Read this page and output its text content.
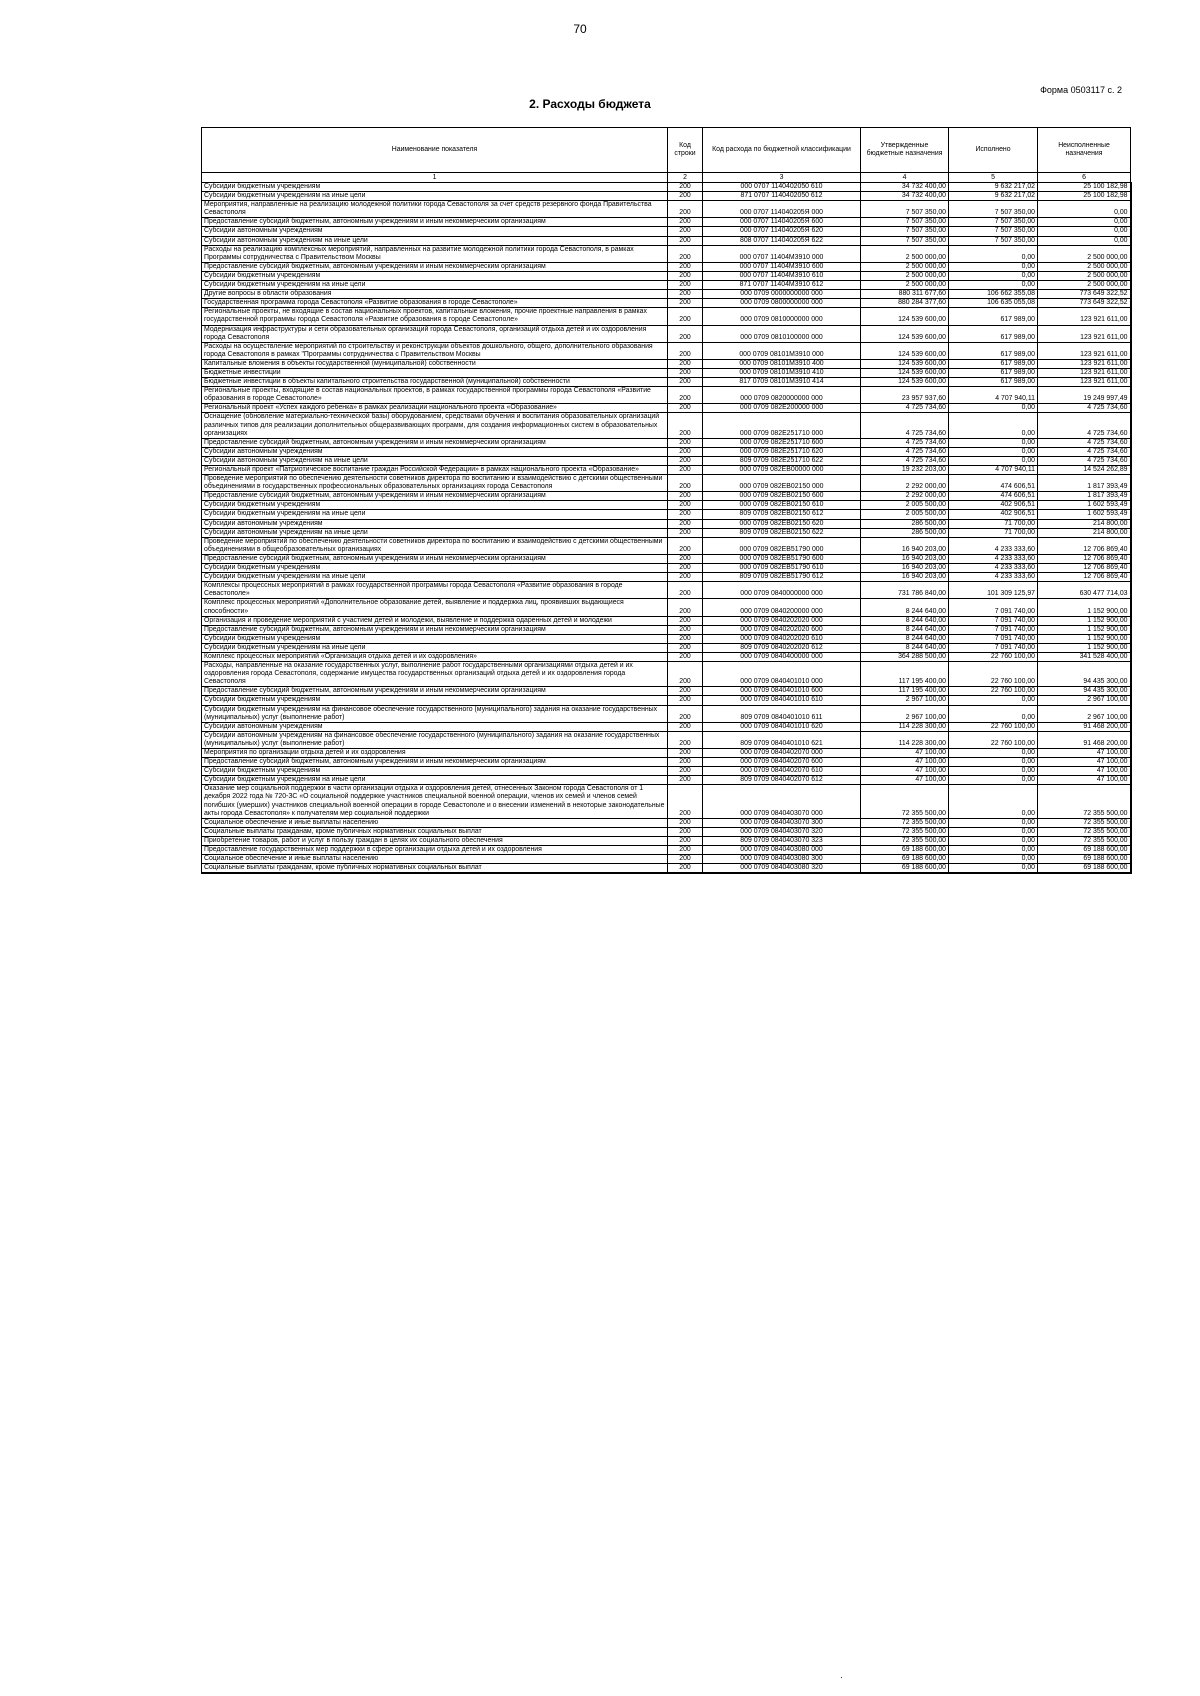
70
Форма 0503117 с. 2
2. Расходы бюджета
Наименование показателя	Код строки	Код расхода по бюджетной классификации	Утвержденные бюджетные назначения	Исполнено	Неисполненные назначения
1	2	3	4	5	6
Субсидии бюджетным учреждениям	200	000 0707 1140402050 610	34 732 400,00	9 632 217,02	25 100 182,98
Субсидии бюджетным учреждениям на иные цели	200	871 0707 1140402050 612	34 732 400,00	9 632 217,02	25 100 182,98
Мероприятия, направленные на реализацию молодежной политики города Севастополя за счет средств резервного фонда Правительства Севастополя	200	000 0707 114040205Я 000	7 507 350,00	7 507 350,00	0,00
Предоставление субсидий бюджетным, автономным учреждениям и иным некоммерческим организациям	200	000 0707 114040205Я 600	7 507 350,00	7 507 350,00	0,00
Субсидии автономным учреждениям	200	000 0707 114040205Я 620	7 507 350,00	7 507 350,00	0,00
Субсидии автономным учреждениям на иные цели	200	808 0707 114040205Я 622	7 507 350,00	7 507 350,00	0,00
Расходы на реализацию комплексных мероприятий, направленных на развитие молодежной политики города Севастополя, в рамках Программы сотрудничества с Правительством Москвы	200	000 0707 11404М3910 000	2 500 000,00	0,00	2 500 000,00
Предоставление субсидий бюджетным, автономным учреждениям и иным некоммерческим организациям	200	000 0707 11404М3910 600	2 500 000,00	0,00	2 500 000,00
Субсидии бюджетным учреждениям	200	000 0707 11404М3910 610	2 500 000,00	0,00	2 500 000,00
Субсидии бюджетным учреждениям на иные цели	200	871 0707 11404М3910 612	2 500 000,00	0,00	2 500 000,00
Другие вопросы в области образования	200	000 0709 0000000000 000	880 311 677,60	106 662 355,08	773 649 322,52
Государственная программа города Севастополя «Развитие образования в городе Севастополе»	200	000 0709 0800000000 000	880 284 377,60	106 635 055,08	773 649 322,52
Региональные проекты, не входящие в состав национальных проектов, капитальные вложения, прочие проектные направления в рамках государственной программы города Севастополя «Развитие образования в городе Севастополе»	200	000 0709 0810000000 000	124 539 600,00	617 989,00	123 921 611,00
Модернизация инфраструктуры и сети образовательных организаций города Севастополя, организаций отдыха детей и их оздоровления города Севастополя	200	000 0709 0810100000 000	124 539 600,00	617 989,00	123 921 611,00
Расходы на осуществление мероприятий по строительству и реконструкции объектов дошкольного, общего, дополнительного образования города Севастополя в рамках "Программы сотрудничества с Правительством Москвы	200	000 0709 08101М3910 000	124 539 600,00	617 989,00	123 921 611,00
Капитальные вложения в объекты государственной (муниципальной) собственности	200	000 0709 08101М3910 400	124 539 600,00	617 989,00	123 921 611,00
Бюджетные инвестиции	200	000 0709 08101М3910 410	124 539 600,00	617 989,00	123 921 611,00
Бюджетные инвестиции в объекты капитального строительства государственной (муниципальной) собственности	200	817 0709 08101М3910 414	124 539 600,00	617 989,00	123 921 611,00
Региональные проекты, входящие в состав национальных проектов, в рамках государственной программы города Севастополя «Развитие образования в городе Севастополе»	200	000 0709 0820000000 000	23 957 937,60	4 707 940,11	19 249 997,49
Региональный проект «Успех каждого ребенка» в рамках реализации национального проекта «Образование»	200	000 0709 082E200000 000	4 725 734,60	0,00	4 725 734,60
Оснащение (обновление материально-технической базы) оборудованием, средствами обучения и воспитания образовательных организаций различных типов для реализации дополнительных общеразвивающих программ, для создания информационных систем в образовательных организациях	200	000 0709 082E251710 000	4 725 734,60	0,00	4 725 734,60
Предоставление субсидий бюджетным, автономным учреждениям и иным некоммерческим организациям	200	000 0709 082E251710 600	4 725 734,60	0,00	4 725 734,60
Субсидии автономным учреждениям	200	000 0709 082E251710 620	4 725 734,60	0,00	4 725 734,60
Субсидии автономным учреждениям на иные цели	200	809 0709 082E251710 622	4 725 734,60	0,00	4 725 734,60
Региональный проект «Патриотическое воспитание граждан Российской Федерации» в рамках национального проекта «Образование»	200	000 0709 082EB00000 000	19 232 203,00	4 707 940,11	14 524 262,89
Проведение мероприятий по обеспечению деятельности советников директора по воспитанию и взаимодействию с детскими общественными объединениями в государственных профессиональных образовательных организациях города Севастополя	200	000 0709 082EB02150 000	2 292 000,00	474 606,51	1 817 393,49
Предоставление субсидий бюджетным, автономным учреждениям и иным некоммерческим организациям	200	000 0709 082EB02150 600	2 292 000,00	474 606,51	1 817 393,49
Субсидии бюджетным учреждениям	200	000 0709 082EB02150 610	2 005 500,00	402 906,51	1 602 593,49
Субсидии бюджетным учреждениям на иные цели	200	809 0709 082EB02150 612	2 005 500,00	402 906,51	1 602 593,49
Субсидии автономным учреждениям	200	000 0709 082EB02150 620	286 500,00	71 700,00	214 800,00
Субсидии автономным учреждениям на иные цели	200	809 0709 082EB02150 622	286 500,00	71 700,00	214 800,00
Проведение мероприятий по обеспечению деятельности советников директора по воспитанию и взаимодействию с детскими общественными объединениями в общеобразовательных организациях	200	000 0709 082EB51790 000	16 940 203,00	4 233 333,60	12 706 869,40
Предоставление субсидий бюджетным, автономным учреждениям и иным некоммерческим организациям	200	000 0709 082EB51790 600	16 940 203,00	4 233 333,60	12 706 869,40
Субсидии бюджетным учреждениям	200	000 0709 082EB51790 610	16 940 203,00	4 233 333,60	12 706 869,40
Субсидии бюджетным учреждениям на иные цели	200	809 0709 082EB51790 612	16 940 203,00	4 233 333,60	12 706 869,40
Комплексы процессных мероприятий в рамках государственной программы города Севастополя «Развитие образования в городе Севастополе»	200	000 0709 0840000000 000	731 786 840,00	101 309 125,97	630 477 714,03
Комплекс процессных мероприятий «Дополнительное образование детей, выявление и поддержка лиц, проявивших выдающиеся способности»	200	000 0709 0840200000 000	8 244 640,00	7 091 740,00	1 152 900,00
Организация и проведение мероприятий с участием детей и молодежи, выявление и поддержка одаренных детей и молодежи	200	000 0709 0840202020 000	8 244 640,00	7 091 740,00	1 152 900,00
Предоставление субсидий бюджетным, автономным учреждениям и иным некоммерческим организациям	200	000 0709 0840202020 600	8 244 640,00	7 091 740,00	1 152 900,00
Субсидии бюджетным учреждениям	200	000 0709 0840202020 610	8 244 640,00	7 091 740,00	1 152 900,00
Субсидии бюджетным учреждениям на иные цели	200	809 0709 0840202020 612	8 244 640,00	7 091 740,00	1 152 900,00
Комплекс процессных мероприятий «Организация отдыха детей и их оздоровления»	200	000 0709 0840400000 000	364 288 500,00	22 760 100,00	341 528 400,00
Расходы, направленные на оказание государственных услуг, выполнение работ государственными организациями отдыха детей и их оздоровления города Севастополя, содержание имущества государственных организаций отдыха детей и их оздоровления города Севастополя	200	000 0709 0840401010 000	117 195 400,00	22 760 100,00	94 435 300,00
Предоставление субсидий бюджетным, автономным учреждениям и иным некоммерческим организациям	200	000 0709 0840401010 600	117 195 400,00	22 760 100,00	94 435 300,00
Субсидии бюджетным учреждениям	200	000 0709 0840401010 610	2 967 100,00	0,00	2 967 100,00
Субсидии бюджетным учреждениям на финансовое обеспечение государственного (муниципального) задания на оказание государственных (муниципальных) услуг (выполнение работ)	200	809 0709 0840401010 611	2 967 100,00	0,00	2 967 100,00
Субсидии автономным учреждениям	200	000 0709 0840401010 620	114 228 300,00	22 760 100,00	91 468 200,00
Субсидии автономным учреждениям на финансовое обеспечение государственного (муниципального) задания на оказание государственных (муниципальных) услуг (выполнение работ)	200	809 0709 0840401010 621	114 228 300,00	22 760 100,00	91 468 200,00
Мероприятия по организации отдыха детей и их оздоровления	200	000 0709 0840402070 000	47 100,00	0,00	47 100,00
Предоставление субсидий бюджетным, автономным учреждениям и иным некоммерческим организациям	200	000 0709 0840402070 600	47 100,00	0,00	47 100,00
Субсидии бюджетным учреждениям	200	000 0709 0840402070 610	47 100,00	0,00	47 100,00
Субсидии бюджетным учреждениям на иные цели	200	809 0709 0840402070 612	47 100,00	0,00	47 100,00
Оказание мер социальной поддержки в части организации отдыха и оздоровления детей, отнесенных Законом города Севастополя от 1 декабря 2022 года № 720-ЗС «О социальной поддержке участников специальной военной операции, членов их семей и членов семей погибших (умерших) участников специальной военной операции в городе Севастополе и о внесении изменений в некоторые законодательные акты города Севастополя» к получателям мер социальной поддержки	200	000 0709 0840403070 000	72 355 500,00	0,00	72 355 500,00
Социальное обеспечение и иные выплаты населению	200	000 0709 0840403070 300	72 355 500,00	0,00	72 355 500,00
Социальные выплаты гражданам, кроме публичных нормативных социальных выплат	200	000 0709 0840403070 320	72 355 500,00	0,00	72 355 500,00
Приобретение товаров, работ и услуг в пользу граждан в целях их социального обеспечения	200	809 0709 0840403070 323	72 355 500,00	0,00	72 355 500,00
Предоставление государственных мер поддержки в сфере организации отдыха детей и их оздоровления	200	000 0709 0840403080 000	69 188 600,00	0,00	69 188 600,00
Социальное обеспечение и иные выплаты населению	200	000 0709 0840403080 300	69 188 600,00	0,00	69 188 600,00
Социальные выплаты гражданам, кроме публичных нормативных социальных выплат	200	000 0709 0840403080 320	69 188 600,00	0,00	69 188 600,00
·
